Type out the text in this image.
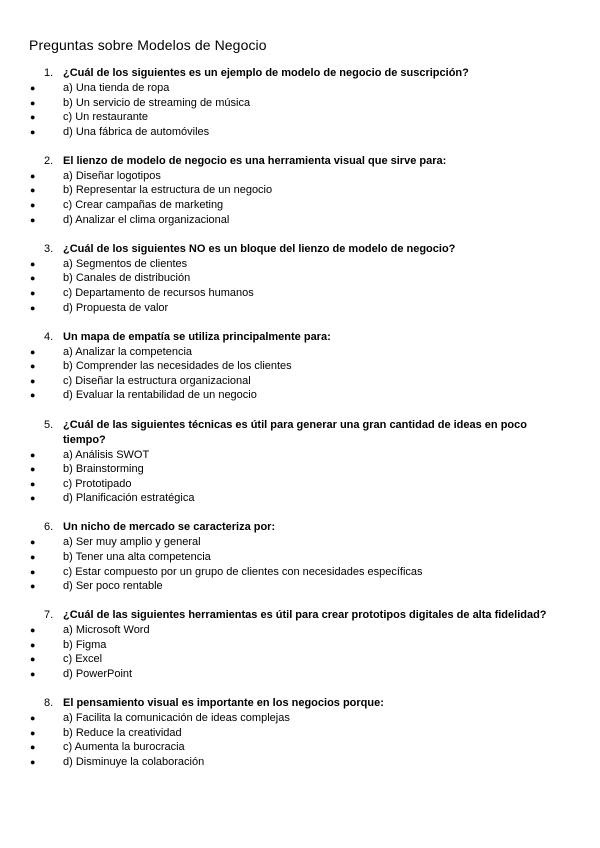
Preguntas sobre Modelos de Negocio

1. ¿Cuál de los siguientes es un ejemplo de modelo de negocio de suscripción?

●	a) Una tienda de ropa
●	b) Un servicio de streaming de música
●	c) Un restaurante
●	d) Una fábrica de automóviles

2. El lienzo de modelo de negocio es una herramienta visual que sirve para:

●	a) Diseñar logotipos
●	b) Representar la estructura de un negocio
●	c) Crear campañas de marketing
●	d) Analizar el clima organizacional

3. ¿Cuál de los siguientes NO es un bloque del lienzo de modelo de negocio?

●	a) Segmentos de clientes
●	b) Canales de distribución
●	c) Departamento de recursos humanos
●	d) Propuesta de valor

4. Un mapa de empatía se utiliza principalmente para:

●	a) Analizar la competencia
●	b) Comprender las necesidades de los clientes
●	c) Diseñar la estructura organizacional
●	d) Evaluar la rentabilidad de un negocio

5. ¿Cuál de las siguientes técnicas es útil para generar una gran cantidad de ideas en poco tiempo?

●	a) Análisis SWOT
●	b) Brainstorming
●	c) Prototipado
●	d) Planificación estratégica

6. Un nicho de mercado se caracteriza por:

●	a) Ser muy amplio y general
●	b) Tener una alta competencia
●	c) Estar compuesto por un grupo de clientes con necesidades específicas
●	d) Ser poco rentable

7. ¿Cuál de las siguientes herramientas es útil para crear prototipos digitales de alta fidelidad?

●	a) Microsoft Word
●	b) Figma
●	c) Excel
●	d) PowerPoint

8. El pensamiento visual es importante en los negocios porque:

●	a) Facilita la comunicación de ideas complejas
●	b) Reduce la creatividad
●	c) Aumenta la burocracia
●	d) Disminuye la colaboración
